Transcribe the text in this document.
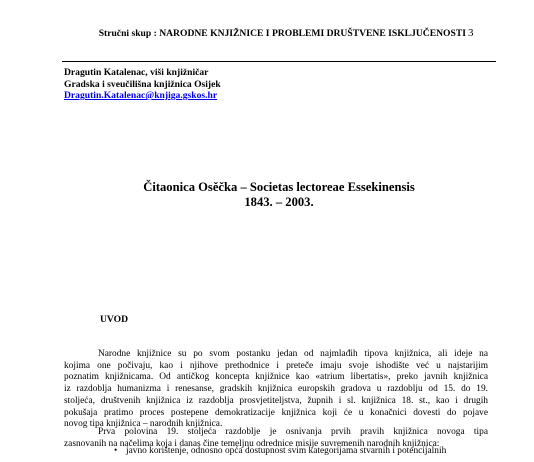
Stručni skup : NARODNE KNJIŽNICE I PROBLEMI DRUŠTVENE ISKLJUČENOSTI 3
Dragutin Katalenac, viši knjižničar
Gradska i sveučilišna knjižnica Osijek
Dragutin.Katalenac@knjiga.gskos.hr
Čitaonica Osěčka – Societas lectoreae Essekinensis
1843. – 2003.
UVOD
Narodne knjižnice su po svom postanku jedan od najmlađih tipova knjižnica, ali ideje na
kojima one počivaju, kao i njihove prethodnice i preteče imaju svoje ishodište već u najstarijim
poznatim knjižnicama. Od antičkog koncepta knjižnice kao «atrium libertatis», preko javnih knjižnica
iz razdoblja humanizma i renesanse, gradskih knjižnica europskih gradova u razdoblju od 15. do 19.
stoljeća, društvenih knjižnica iz razdoblja prosvjetiteljstva, župnih i sl. knjižnica 18. st., kao i drugih
pokušaja pratimo proces postepene demokratizacije knjižnica koji će u konačnici dovesti do pojave
novog tipa knjižnica – narodnih knjižnica.
Prva polovina 19. stoljeća razdoblje je osnivanja prvih pravih knjižnica novoga tipa
zasnovanih na načelima koja i danas čine temeljnu odrednice misije suvremenih narodnih knjižnica:
• javno korištenje, odnosno opća dostupnost svim kategorijama stvarnih i potencijalnih
